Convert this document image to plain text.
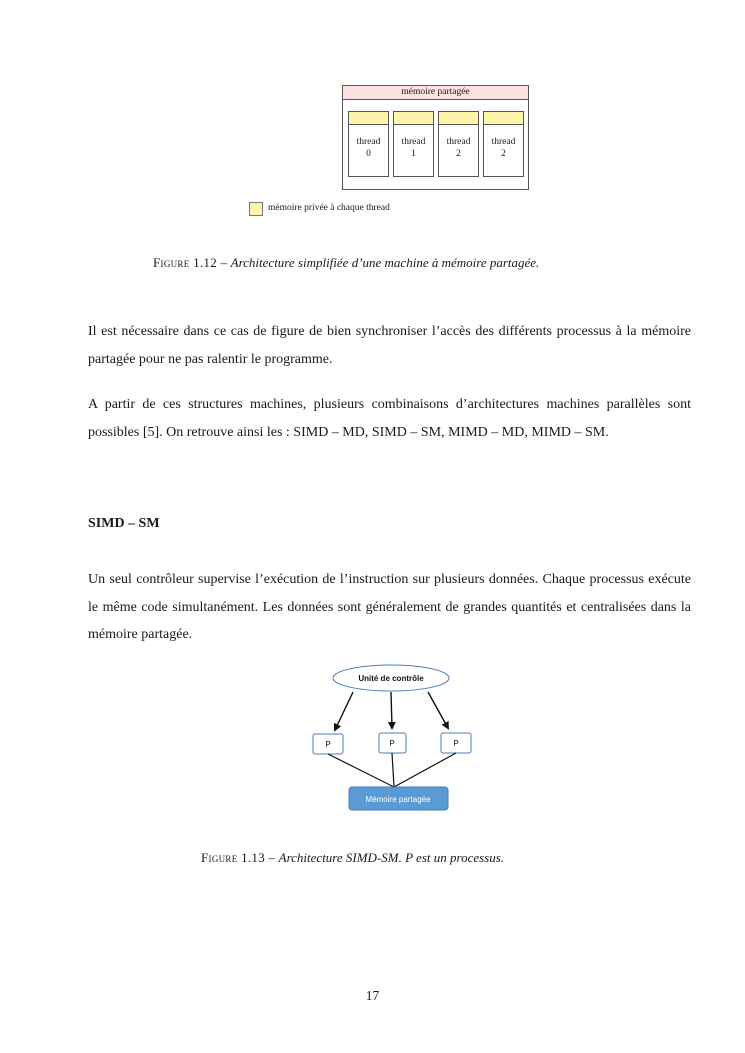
mémoire partagée
thread
0
thread
1
thread
2
thread
2
mémoire privée à chaque thread
Figure 1.12 – Architecture simplifiée d’une machine à mémoire partagée.

Il est nécessaire dans ce cas de figure de bien synchroniser l’accès des différents processus à la mémoire partagée pour ne pas ralentir le programme.

A partir de ces structures machines, plusieurs combinaisons d’architectures machines parallèles sont possibles [5]. On retrouve ainsi les : SIMD – MD, SIMD – SM, MIMD – MD, MIMD – SM.

SIMD – SM

Un seul contrôleur supervise l’exécution de l’instruction sur plusieurs données. Chaque processus exécute le même code simultanément. Les données sont généralement de grandes quantités et centralisées dans la mémoire partagée.

Unité de contrôle
P	P	P
Mémoire partagée
Figure 1.13 – Architecture SIMD-SM. P est un processus.
17
